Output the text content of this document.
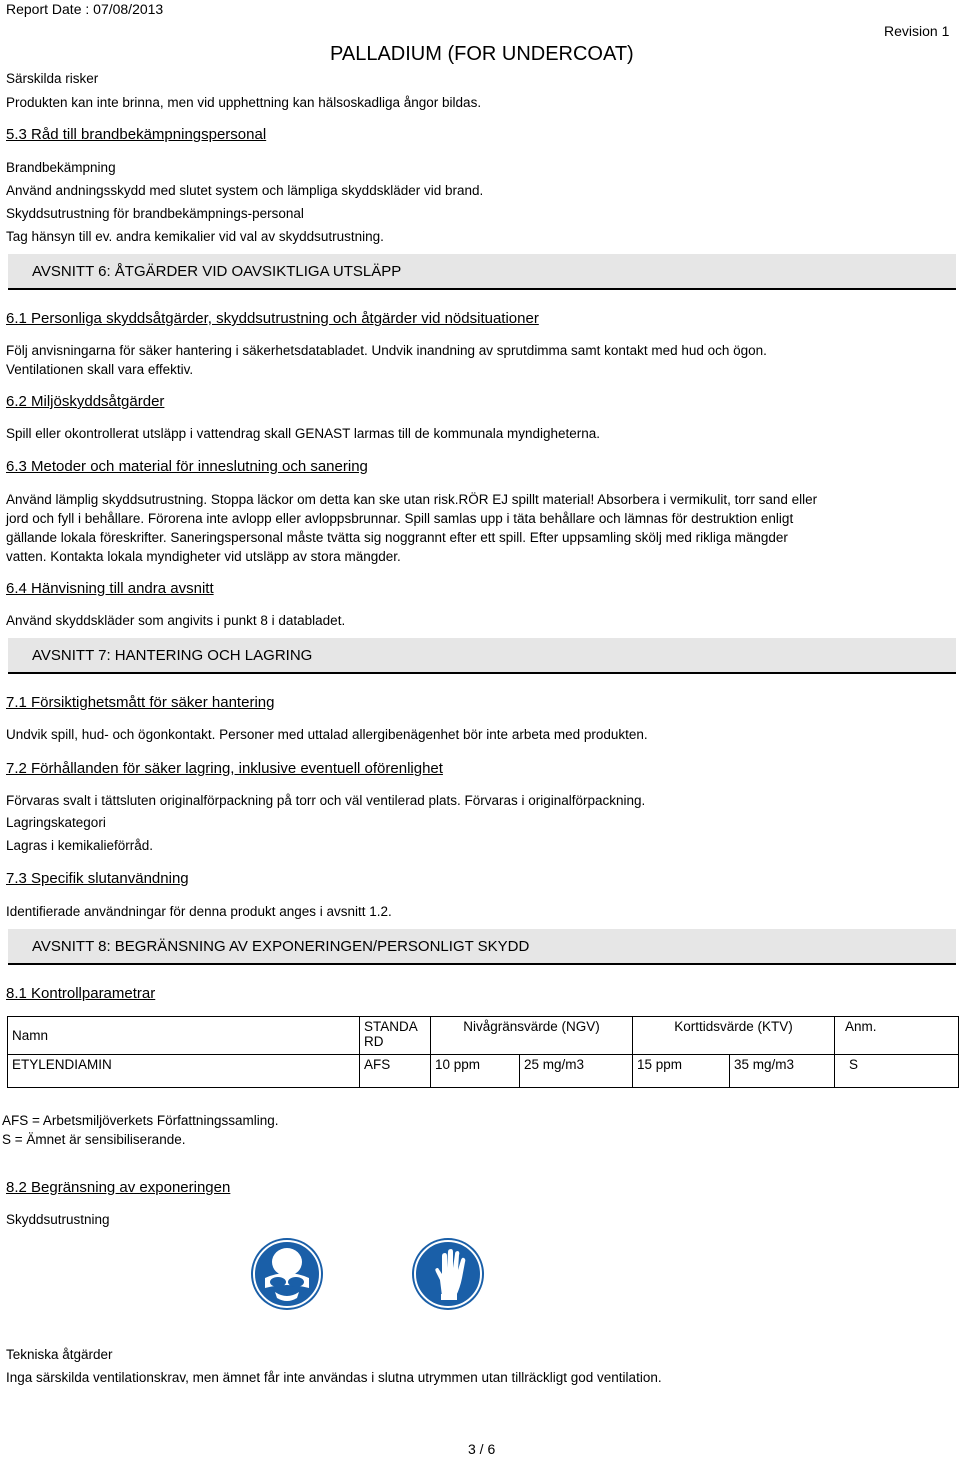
Report Date : 07/08/2013
PALLADIUM (FOR UNDERCOAT)
Revision 1
Särskilda risker
Produkten kan inte brinna, men vid upphettning kan hälsoskadliga ångor bildas.
5.3 Råd till brandbekämpningspersonal
Brandbekämpning
Använd andningsskydd med slutet system och lämpliga skyddskläder vid brand.
Skyddsutrustning för brandbekämpnings-personal
Tag hänsyn till ev. andra kemikalier vid val av skyddsutrustning.
AVSNITT 6: ÅTGÄRDER VID OAVSIKTLIGA UTSLÄPP
6.1 Personliga skyddsåtgärder, skyddsutrustning och åtgärder vid nödsituationer
Följ anvisningarna för säker hantering i säkerhetsdatabladet. Undvik inandning av sprutdimma samt kontakt med hud och ögon.
Ventilationen skall vara effektiv.
6.2 Miljöskyddsåtgärder
Spill eller okontrollerat utsläpp i vattendrag skall GENAST larmas till de kommunala myndigheterna.
6.3 Metoder och material för inneslutning och sanering
Använd lämplig skyddsutrustning. Stoppa läckor om detta kan ske utan risk.RÖR EJ spillt material! Absorbera i vermikulit, torr sand eller
jord och fyll i behållare. Förorena inte avlopp eller avloppsbrunnar. Spill samlas upp i täta behållare och lämnas för destruktion enligt
gällande lokala föreskrifter. Saneringspersonal måste tvätta sig noggrannt efter ett spill. Efter uppsamling skölj med rikliga mängder
vatten. Kontakta lokala myndigheter vid utsläpp av stora mängder.
6.4 Hänvisning till andra avsnitt
Använd skyddskläder som angivits i punkt 8 i databladet.
AVSNITT 7: HANTERING OCH LAGRING
7.1 Försiktighetsmått för säker hantering
Undvik spill, hud- och ögonkontakt. Personer med uttalad allergibenägenhet bör inte arbeta med produkten.
7.2 Förhållanden för säker lagring, inklusive eventuell oförenlighet
Förvaras svalt i tättsluten originalförpackning på torr och väl ventilerad plats. Förvaras i originalförpackning.
Lagringskategori
Lagras i kemikalieförråd.
7.3 Specifik slutanvändning
Identifierade användningar för denna produkt anges i avsnitt 1.2.
AVSNITT 8: BEGRÄNSNING AV EXPONERINGEN/PERSONLIGT SKYDD
8.1 Kontrollparametrar
Namn	STANDARD	Nivågränsvärde (NGV)		Korttidsvärde (KTV)		Anm.
ETYLENDIAMIN	AFS	10 ppm	25 mg/m3	15 ppm	35 mg/m3	S
AFS = Arbetsmiljöverkets Författningssamling.
S = Ämnet är sensibiliserande.
8.2 Begränsning av exponeringen
Skyddsutrustning
Tekniska åtgärder
Inga särskilda ventilationskrav, men ämnet får inte användas i slutna utrymmen utan tillräckligt god ventilation.
3 / 6
